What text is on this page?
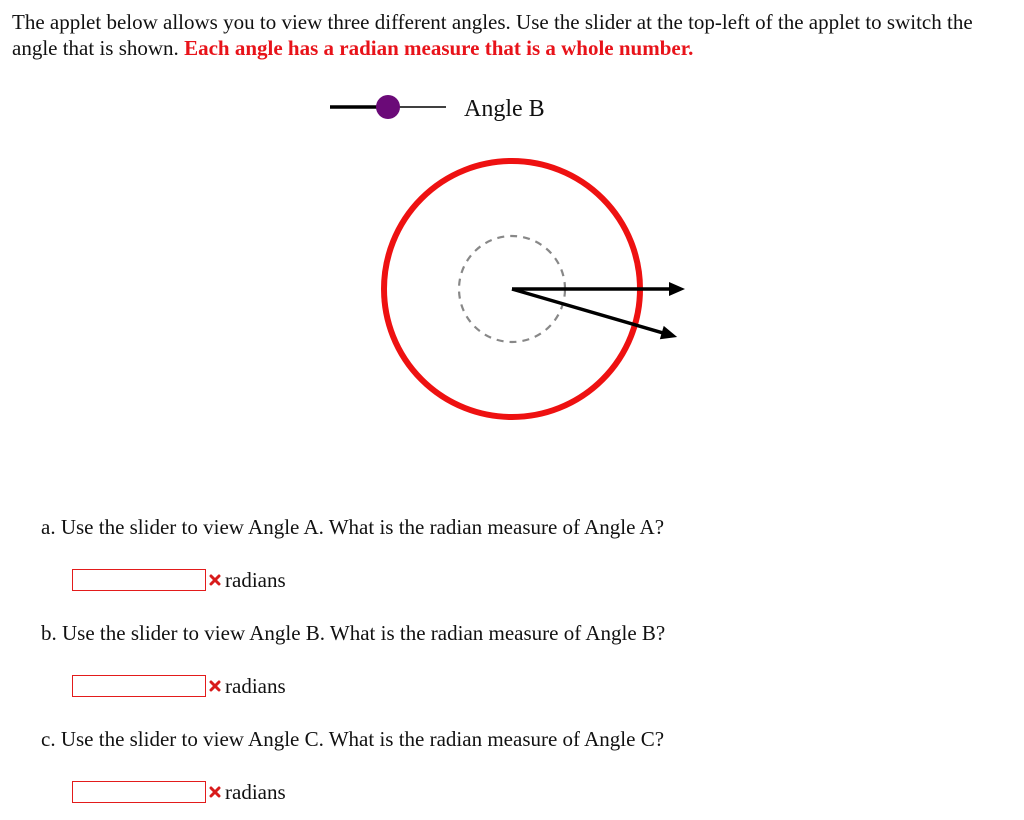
The applet below allows you to view three different angles. Use the slider at the top-left of the applet to switch the angle that is shown. Each angle has a radian measure that is a whole number.
Angle B
a. Use the slider to view Angle A. What is the radian measure of Angle A?
radians
b. Use the slider to view Angle B. What is the radian measure of Angle B?
radians
c. Use the slider to view Angle C. What is the radian measure of Angle C?
radians
